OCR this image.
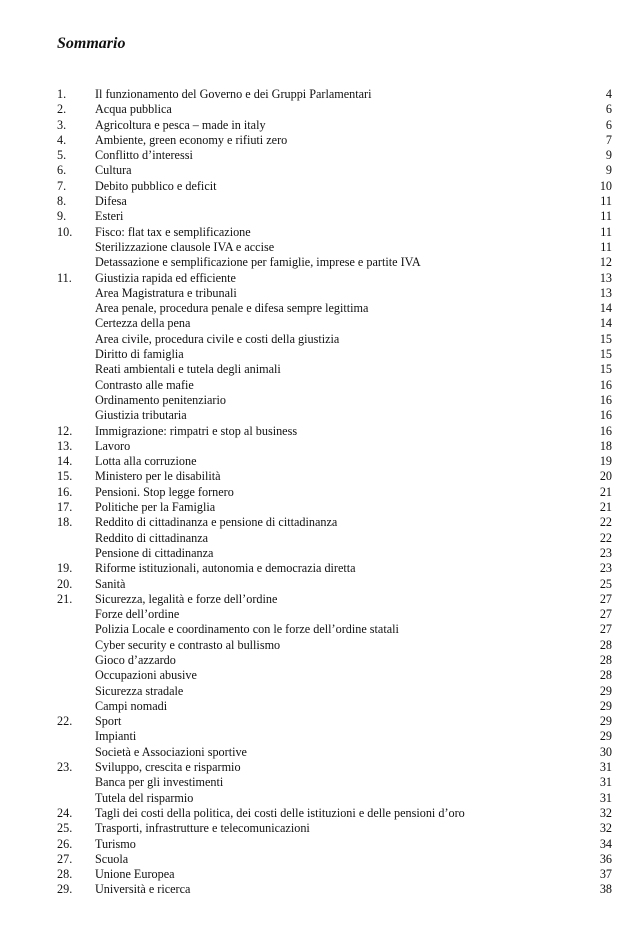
Sommario
1. Il funzionamento del Governo e dei Gruppi Parlamentari	4
2. Acqua pubblica	6
3. Agricoltura e pesca – made in italy	6
4. Ambiente, green economy e rifiuti zero	7
5. Conflitto d’interessi	9
6. Cultura	9
7. Debito pubblico e deficit	10
8. Difesa	11
9. Esteri	11
10. Fisco: flat tax e semplificazione	11
Sterilizzazione clausole IVA e accise	11
Detassazione e semplificazione per famiglie, imprese e partite IVA	12
11. Giustizia rapida ed efficiente	13
Area Magistratura e tribunali	13
Area penale, procedura penale e difesa sempre legittima	14
Certezza della pena	14
Area civile, procedura civile e costi della giustizia	15
Diritto di famiglia	15
Reati ambientali e tutela degli animali	15
Contrasto alle mafie	16
Ordinamento penitenziario	16
Giustizia tributaria	16
12. Immigrazione: rimpatri e stop al business	16
13. Lavoro	18
14. Lotta alla corruzione	19
15. Ministero per le disabilità	20
16. Pensioni. Stop legge fornero	21
17. Politiche per la Famiglia	21
18. Reddito di cittadinanza e pensione di cittadinanza	22
Reddito di cittadinanza	22
Pensione di cittadinanza	23
19. Riforme istituzionali, autonomia e democrazia diretta	23
20. Sanità	25
21. Sicurezza, legalità e forze dell’ordine	27
Forze dell’ordine	27
Polizia Locale e coordinamento con le forze dell’ordine statali	27
Cyber security e contrasto al bullismo	28
Gioco d’azzardo	28
Occupazioni abusive	28
Sicurezza stradale	29
Campi nomadi	29
22. Sport	29
Impianti	29
Società e Associazioni sportive	30
23. Sviluppo, crescita e risparmio	31
Banca per gli investimenti	31
Tutela del risparmio	31
24. Tagli dei costi della politica, dei costi delle istituzioni e delle pensioni d’oro	32
25. Trasporti, infrastrutture e telecomunicazioni	32
26. Turismo	34
27. Scuola	36
28. Unione Europea	37
29. Università e ricerca	38
